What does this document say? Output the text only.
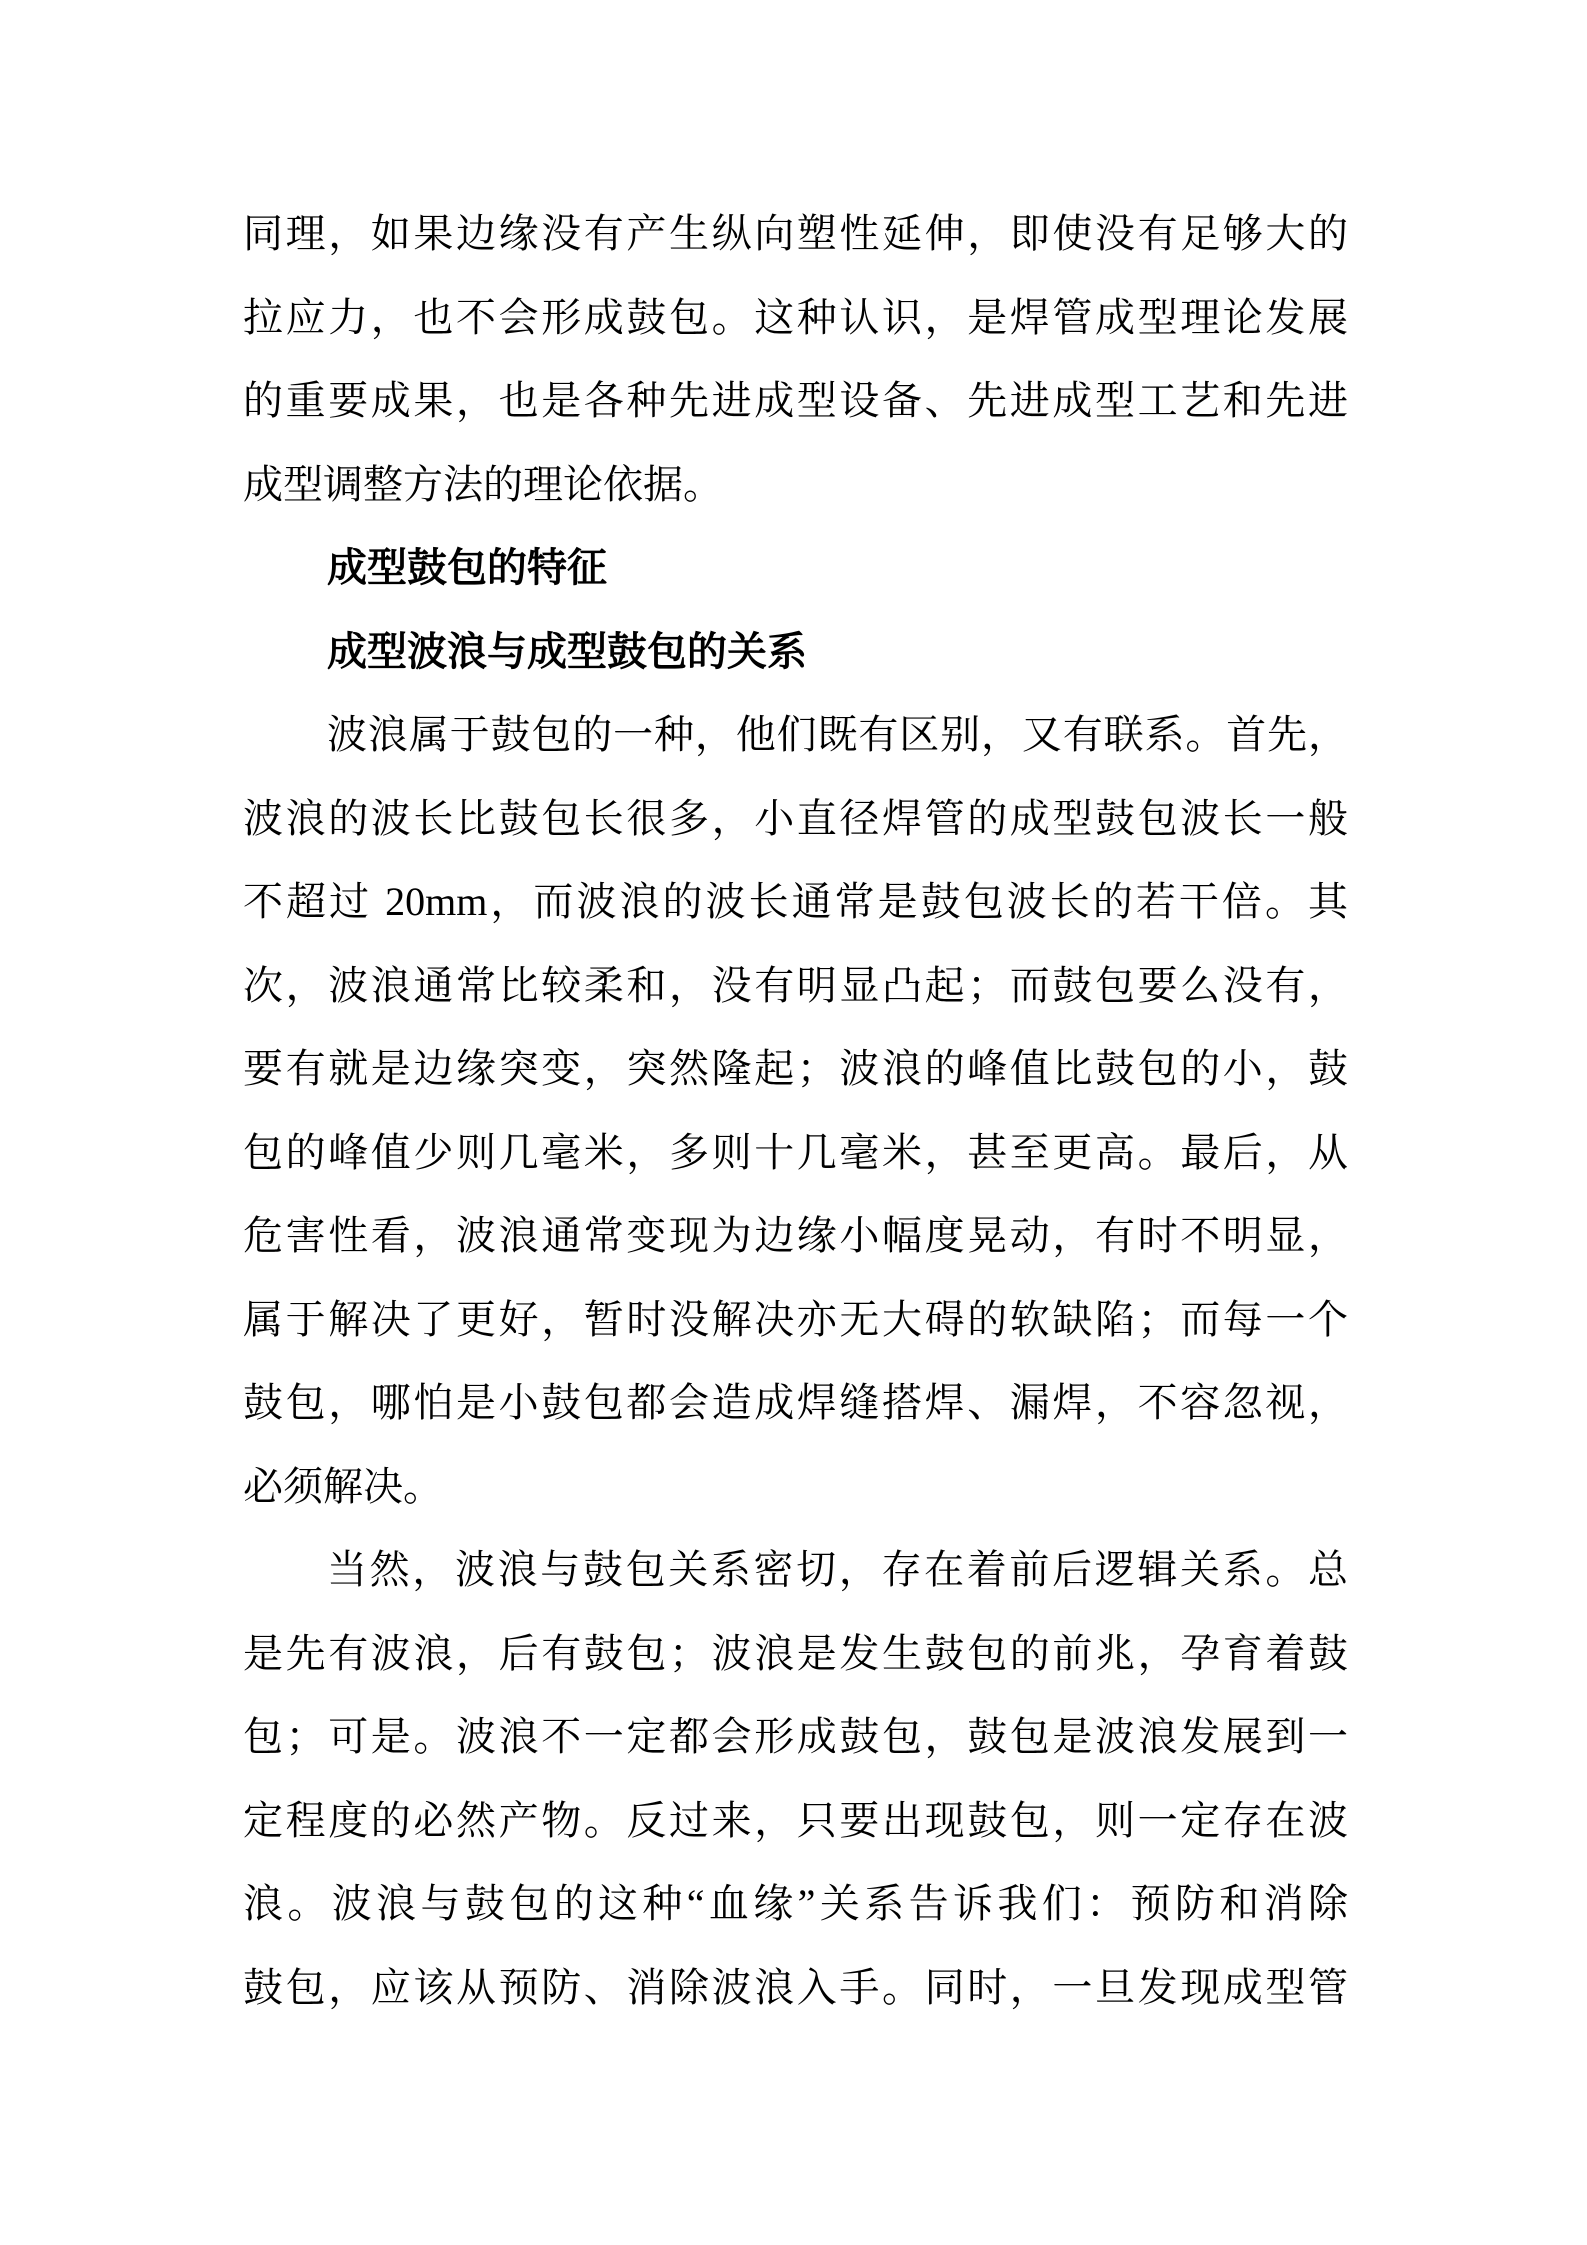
同理，如果边缘没有产生纵向塑性延伸，即使没有足够大的
拉应力，也不会形成鼓包。这种认识，是焊管成型理论发展
的重要成果，也是各种先进成型设备、先进成型工艺和先进
成型调整方法的理论依据。
成型鼓包的特征
成型波浪与成型鼓包的关系
波浪属于鼓包的一种，他们既有区别，又有联系。首先，
波浪的波长比鼓包长很多，小直径焊管的成型鼓包波长一般
不超过 20mm，而波浪的波长通常是鼓包波长的若干倍。其
次，波浪通常比较柔和，没有明显凸起；而鼓包要么没有，
要有就是边缘突变，突然隆起；波浪的峰值比鼓包的小，鼓
包的峰值少则几毫米，多则十几毫米，甚至更高。最后，从
危害性看，波浪通常变现为边缘小幅度晃动，有时不明显，
属于解决了更好，暂时没解决亦无大碍的软缺陷；而每一个
鼓包，哪怕是小鼓包都会造成焊缝搭焊、漏焊，不容忽视，
必须解决。
当然，波浪与鼓包关系密切，存在着前后逻辑关系。总
是先有波浪，后有鼓包；波浪是发生鼓包的前兆，孕育着鼓
包；可是。波浪不一定都会形成鼓包，鼓包是波浪发展到一
定程度的必然产物。反过来，只要出现鼓包，则一定存在波
浪。波浪与鼓包的这种“血缘”关系告诉我们：预防和消除
鼓包，应该从预防、消除波浪入手。同时，一旦发现成型管
